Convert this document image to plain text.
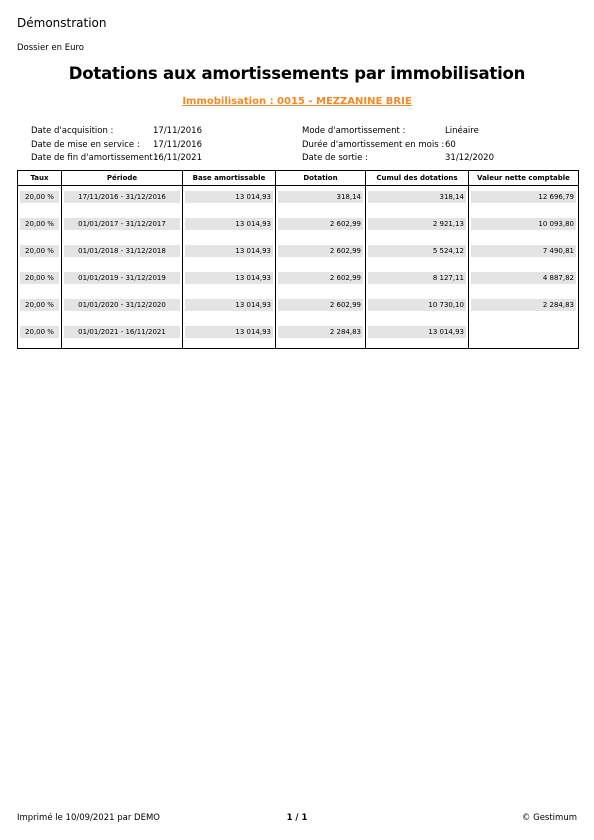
Démonstration
Dossier en Euro
Dotations aux amortissements par immobilisation
Immobilisation : 0015 - MEZZANINE BRIE
Date d'acquisition :	17/11/2016
Date de mise en service : 17/11/2016
Date de fin d'amortissement :
16/11/2021
Mode d'amortissement :	Linéaire
Durée d'amortissement en mois : 60
Date de sortie :	31/12/2020
Taux	Période	Base amortissable	Dotation	Cumul des dotations	Valeur nette comptable

20,00 %	17/11/2016 - 31/12/2016	13 014,93	318,14	318,14	12 696,79

20,00 %	01/01/2017 - 31/12/2017	13 014,93	2 602,99	2 921,13	10 093,80

20,00 %	01/01/2018 - 31/12/2018	13 014,93	2 602,99	5 524,12	7 490,81

20,00 %	01/01/2019 - 31/12/2019	13 014,93	2 602,99	8 127,11	4 887,82

20,00 %	01/01/2020 - 31/12/2020	13 014,93	2 602,99	10 730,10	2 284,83

20,00 %	01/01/2021 - 16/11/2021	13 014,93	2 284,83	13 014,93	

Imprimé le 10/09/2021 par DEMO	1 / 1	© Gestimum
